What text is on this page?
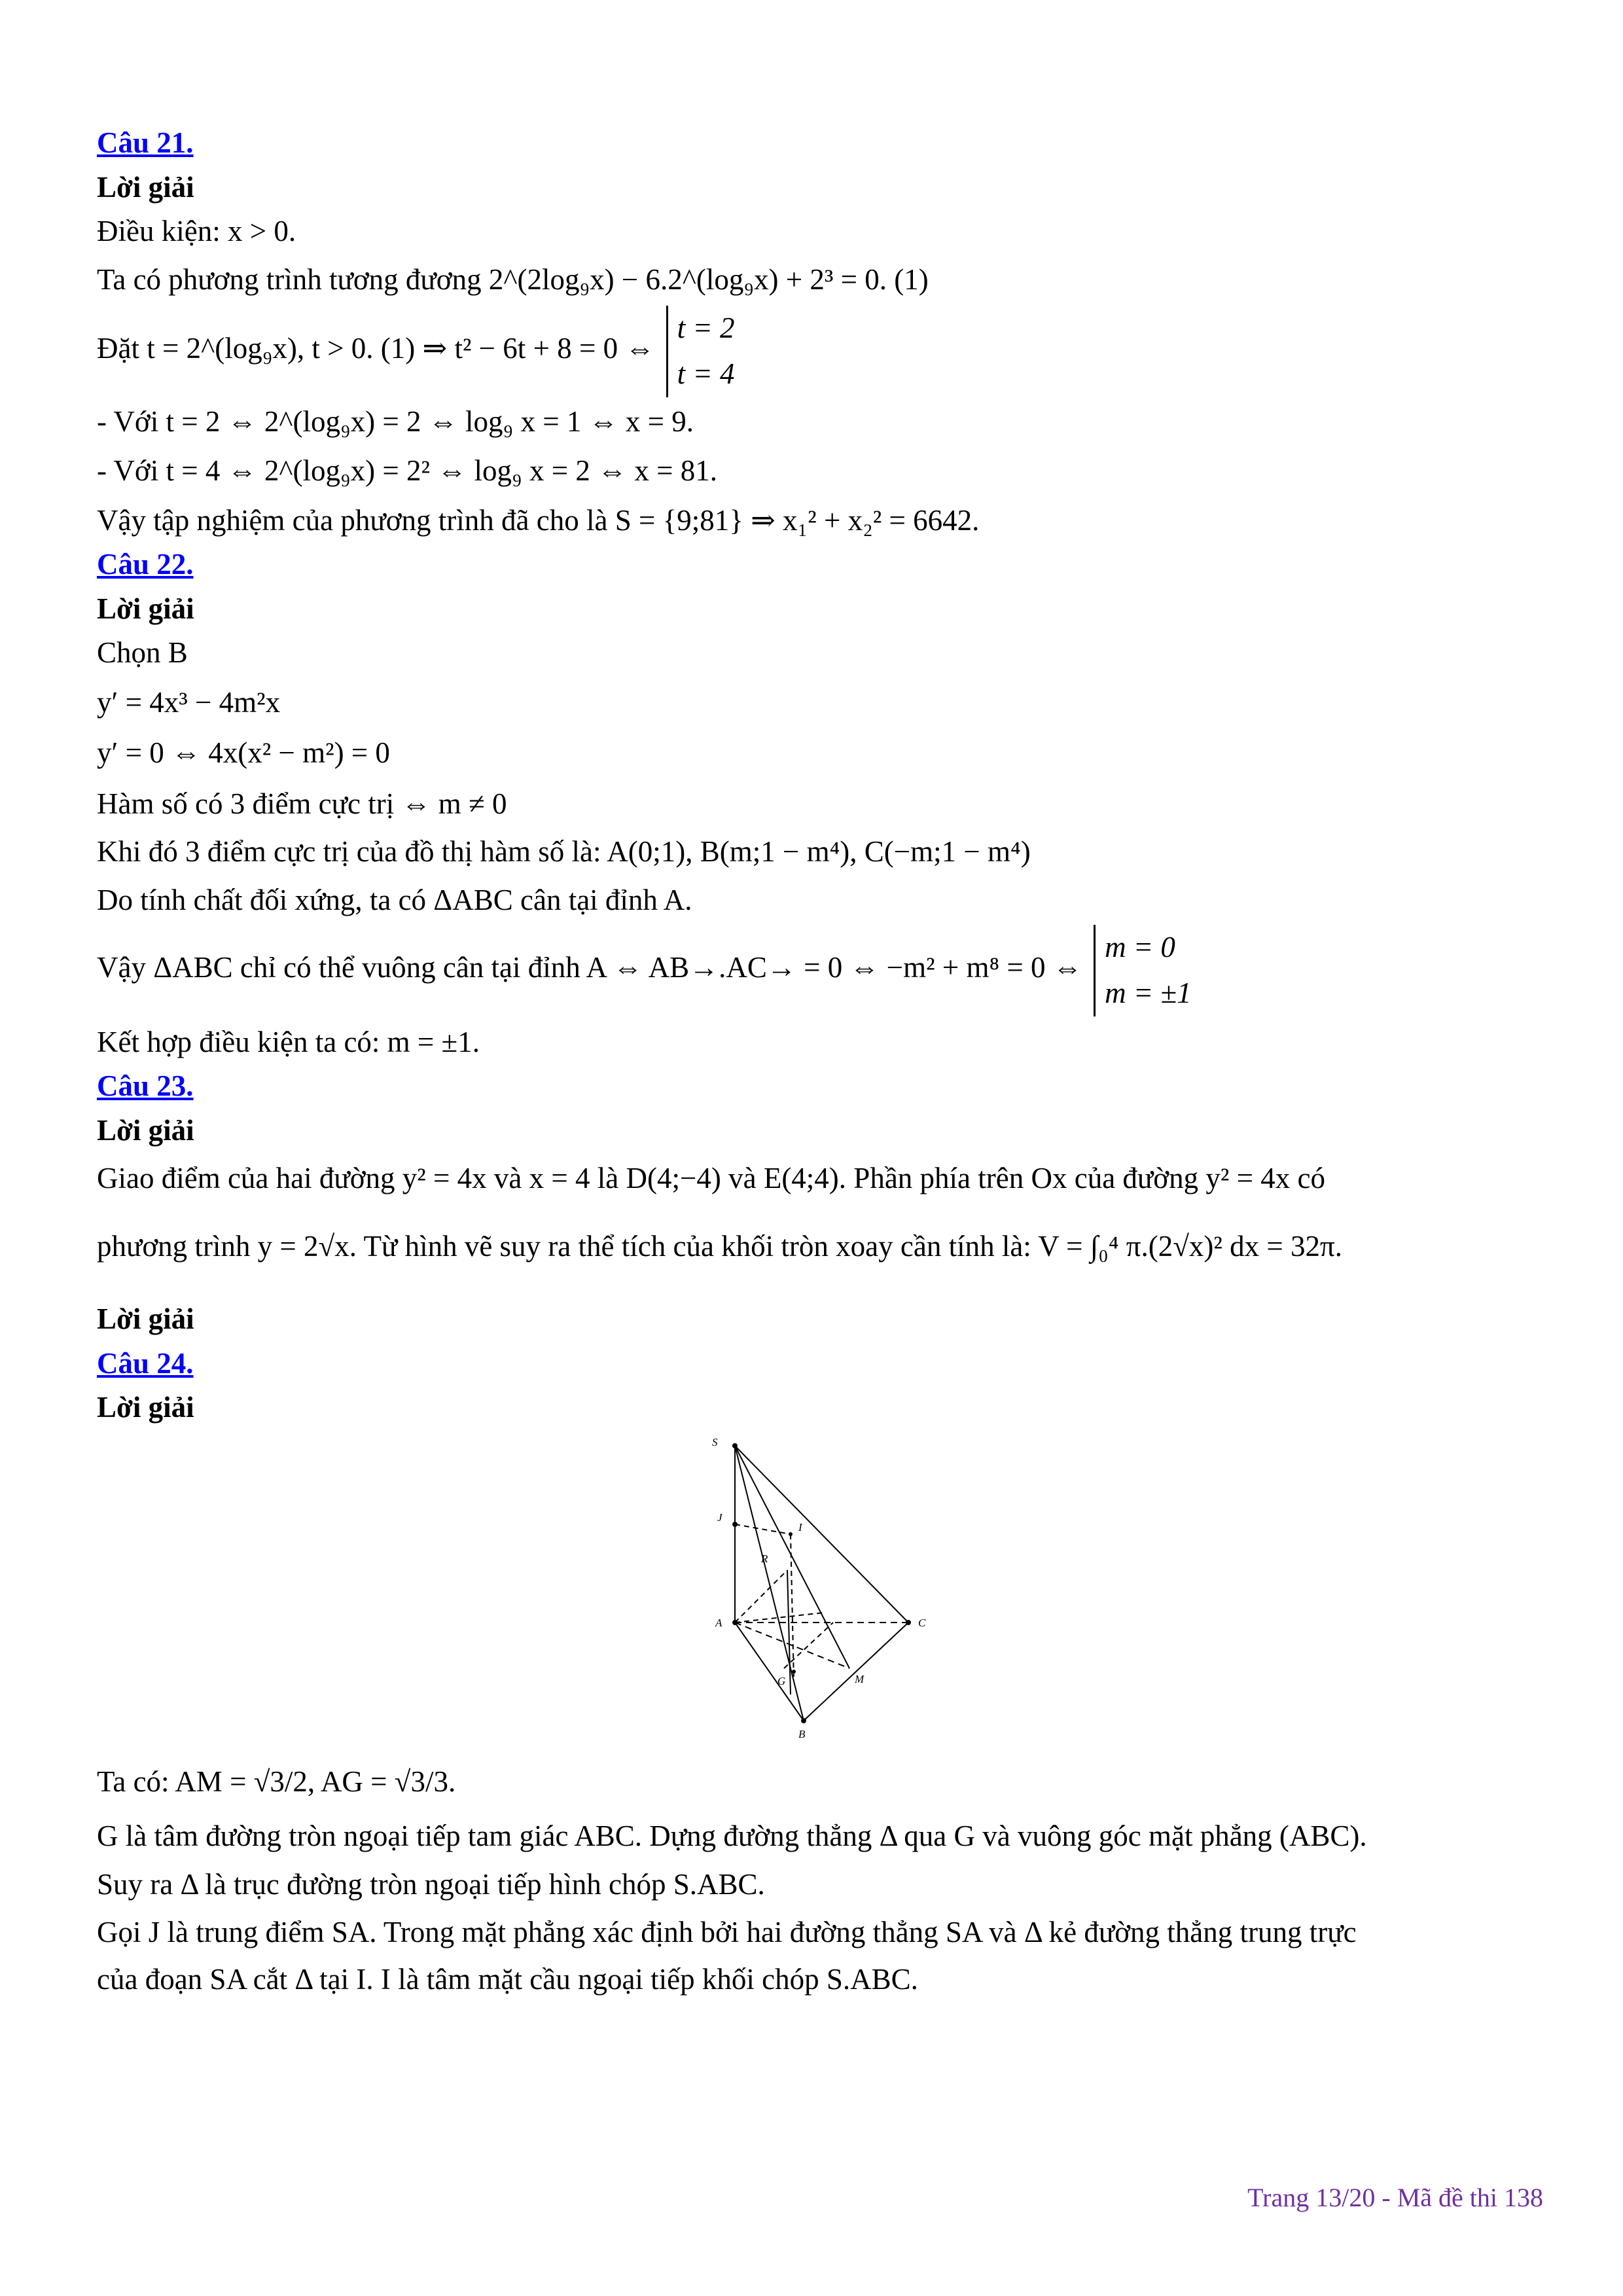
Câu 21.
Lời giải
Điều kiện: x > 0.
Ta có phương trình tương đương 2^(2log₉x) − 6.2^(log₉x) + 2³ = 0. (1)
Đặt t = 2^(log₉x), t > 0. (1) ⇒ t² − 6t + 8 = 0 ⇔ t = 2
t = 4
- Với t = 2 ⇔ 2^(log₉x) = 2 ⇔ log₉ x = 1 ⇔ x = 9.
- Với t = 4 ⇔ 2^(log₉x) = 2² ⇔ log₉ x = 2 ⇔ x = 81.
Vậy tập nghiệm của phương trình đã cho là S = {9;81} ⇒ x₁² + x₂² = 6642.
Câu 22.
Lời giải
Chọn B
y′ = 4x³ − 4m²x
y′ = 0 ⇔ 4x(x² − m²) = 0
Hàm số có 3 điểm cực trị ⇔ m ≠ 0
Khi đó 3 điểm cực trị của đồ thị hàm số là: A(0;1), B(m;1 − m⁴), C(−m;1 − m⁴)
Do tính chất đối xứng, ta có ΔABC cân tại đỉnh A.
Vậy ΔABC chỉ có thể vuông cân tại đỉnh A ⇔ AB→.AC→ = 0 ⇔ −m² + m⁸ = 0 ⇔ m = 0
m = ±1
Kết hợp điều kiện ta có: m = ±1.
Câu 23.
Lời giải
Giao điểm của hai đường y² = 4x và x = 4 là D(4;−4) và E(4;4). Phần phía trên Ox của đường y² = 4x có
phương trình y = 2√x. Từ hình vẽ suy ra thể tích của khối tròn xoay cần tính là: V = ∫₀⁴ π.(2√x)² dx = 32π.
Lời giải
Câu 24.
Lời giải
S
J
I
R
A	C
G	M
B
Ta có: AM = √3/2, AG = √3/3.
G là tâm đường tròn ngoại tiếp tam giác ABC. Dựng đường thẳng Δ qua G và vuông góc mặt phẳng (ABC).
Suy ra Δ là trục đường tròn ngoại tiếp hình chóp S.ABC.
Gọi J là trung điểm SA. Trong mặt phẳng xác định bởi hai đường thẳng SA và Δ kẻ đường thẳng trung trực
của đoạn SA cắt Δ tại I. I là tâm mặt cầu ngoại tiếp khối chóp S.ABC.
Trang 13/20 - Mã đề thi 138
